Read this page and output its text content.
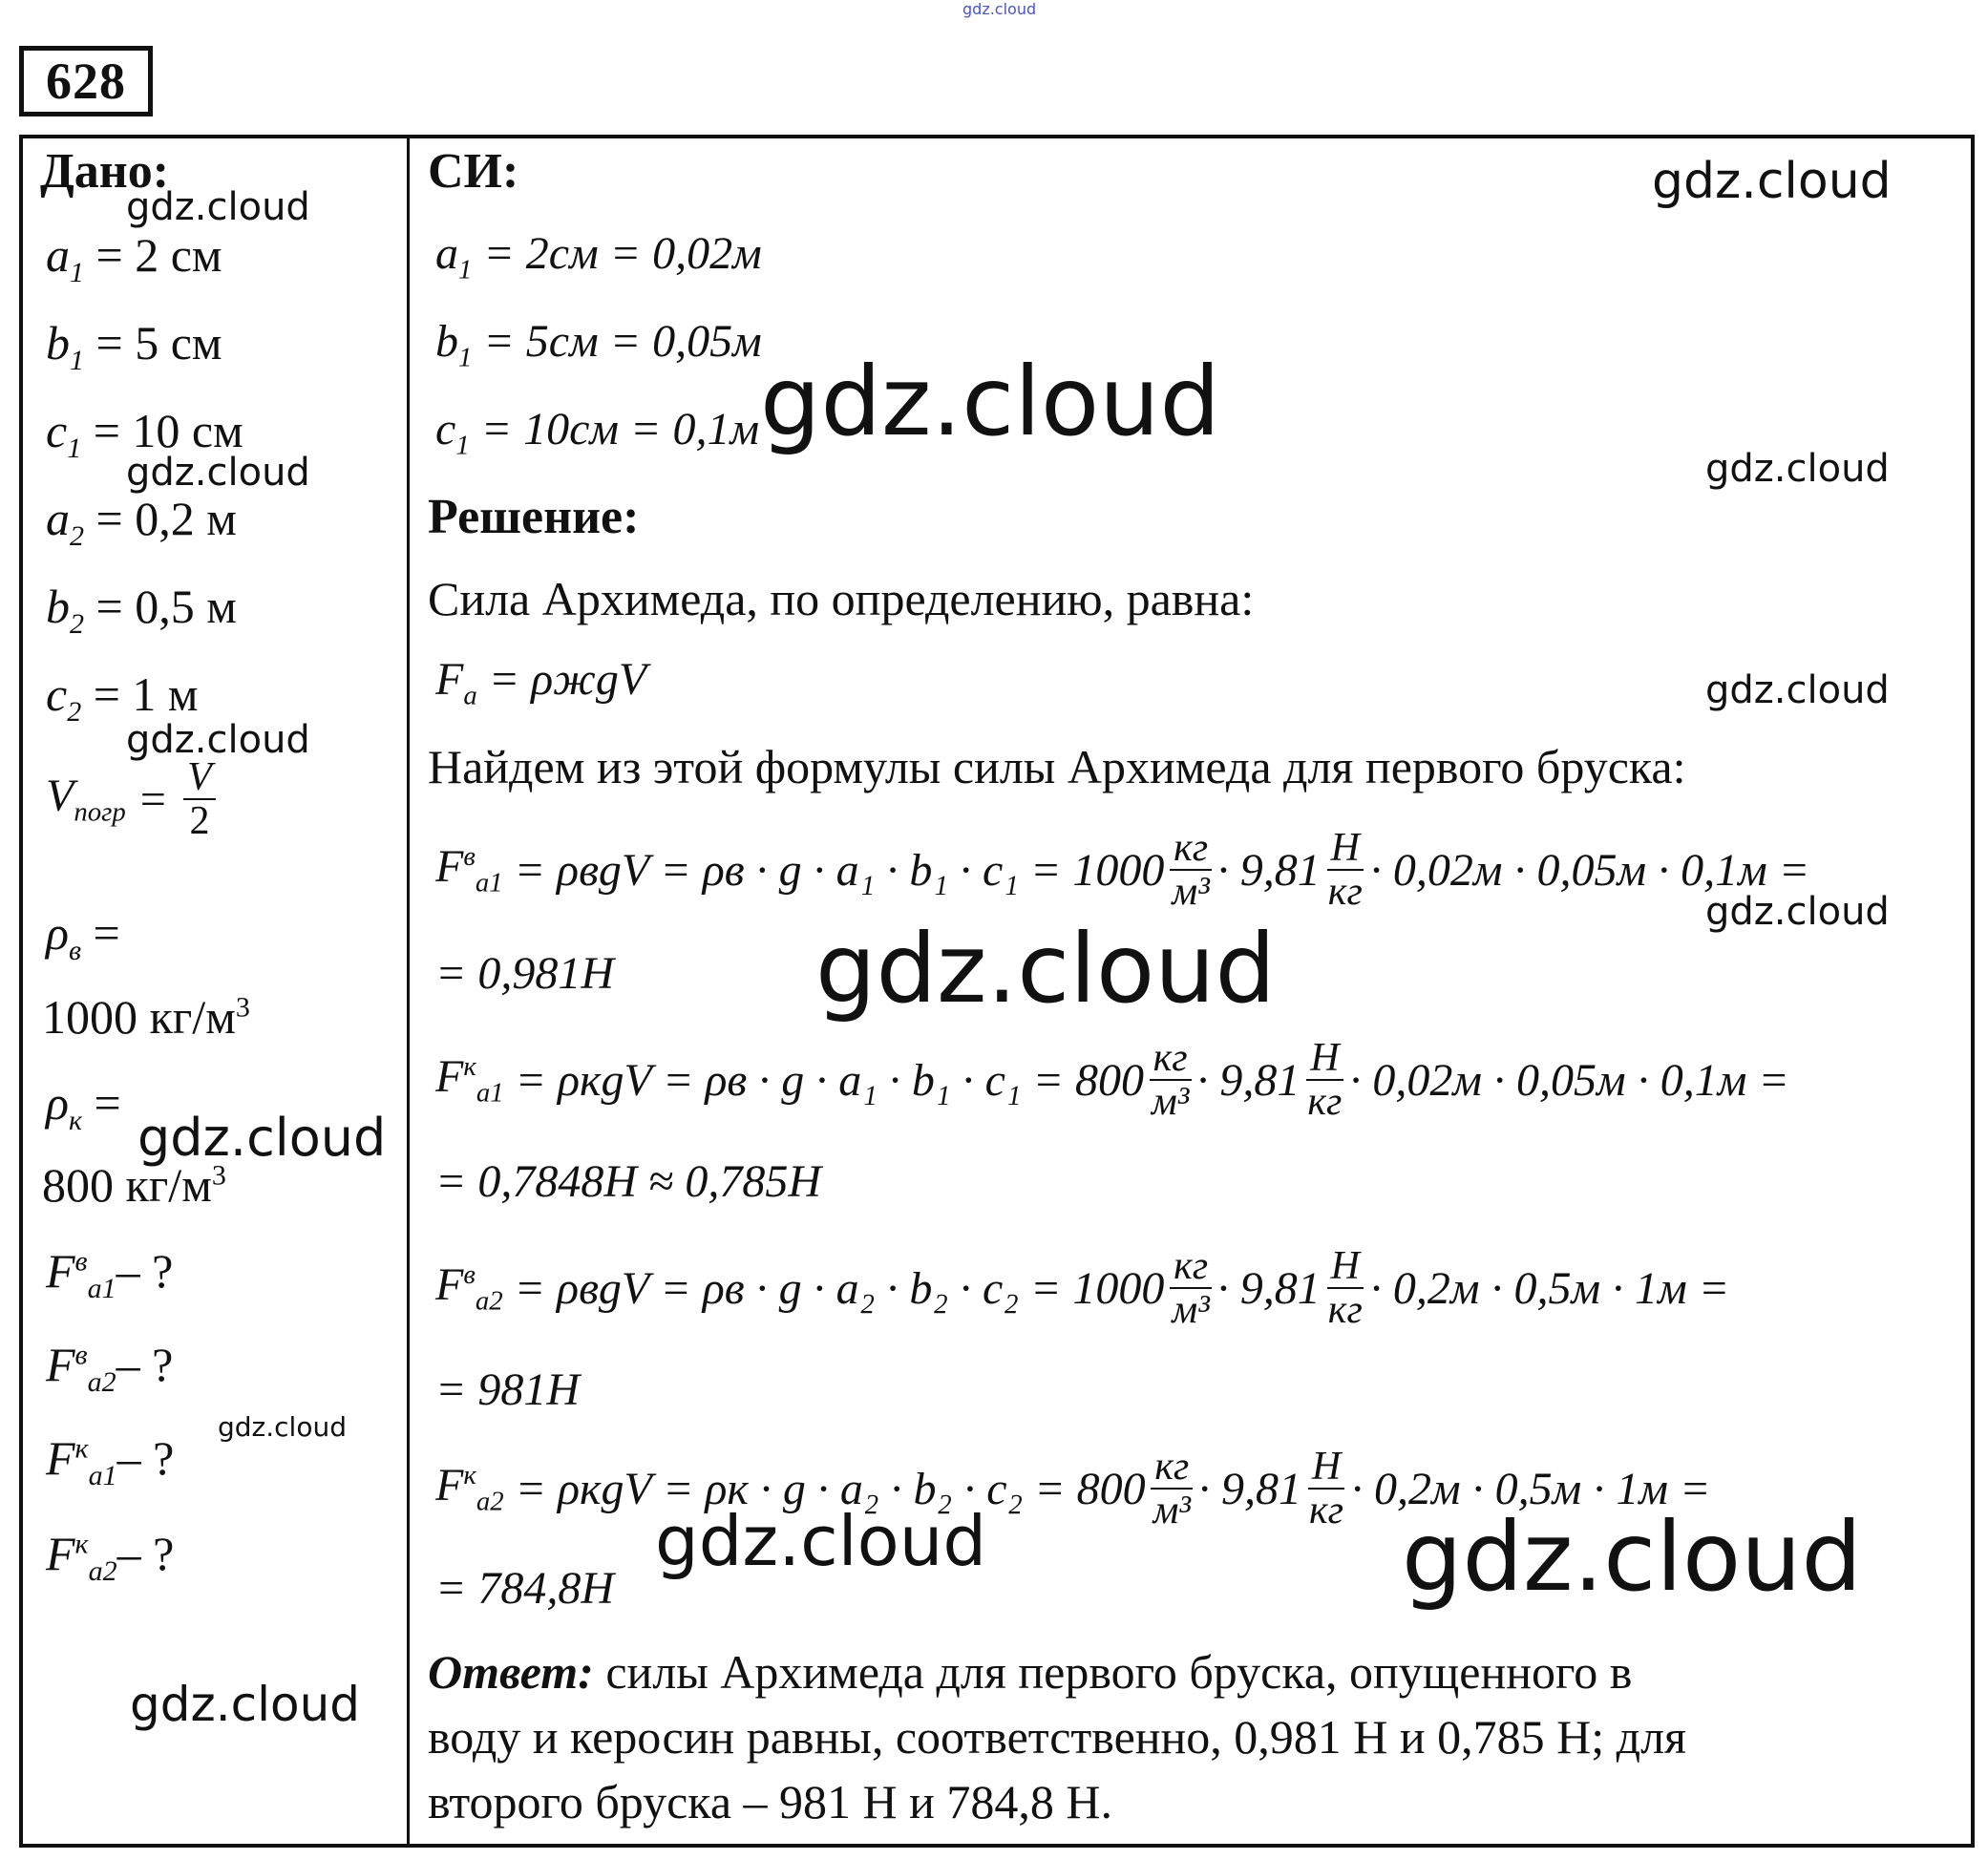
gdz.cloud
628
Дано:
$a_1 = 2$ см
$b_1 = 5$ см
$c_1 = 10$ см
$a_2 = 0,2$ м
$b_2 = 0,5$ м
$c_2 = 1$ м
$V_{погр} = \frac{V}{2}$
$\rho_в$ =
1000 $кг/м^3$
$\rho_к$ =
800 $кг/м^3$
$F^в_{a1}-$ ?
$F^в_{a2}-$ ?
$F^к_{a1}-$ ?
$F^к_{a2}-$ ?
СИ:
$a_1 = 2см = 0,02м$
$b_1 = 5см = 0,05м$
$c_1 = 10см = 0,1м$
Решение:
Сила Архимеда, по определению, равна:
$F_a = \rho жgV$
Найдем из этой формулы силы Архимеда для первого бруска:
$F^в_{a1}$
= $\rho вgV = \rho в \cdot g \cdot a_1 \cdot b_1 \cdot c_1 = 1000 \frac{кг}{\text{м³}} \cdot 9,81 \frac{H}{кг} \cdot 0,02м \cdot 0,05м \cdot 0,1м$ =
= 0,981H
$F^к_{a1}$
= $\rho кgV = \rho в \cdot g \cdot a_1 \cdot b_1 \cdot c_1 = 800 \frac{кг}{\text{м³}} \cdot 9,81 \frac{H}{кг} \cdot 0,02м \cdot 0,05м \cdot 0,1м$ =
= 0,7848H ≈ 0,785H
$F^в_{a2}$
= $\rho вgV = \rho в \cdot g \cdot a_2 \cdot b_2 \cdot c_2 = 1000 \frac{кг}{\text{м³}} \cdot 9,81 \frac{H}{кг} \cdot 0,2м \cdot 0,5м \cdot 1м$ =
= 981H
$F^к_{a2}$
= $\rho кgV = \rho к \cdot g \cdot a_2 \cdot b_2 \cdot c_2 = 800 \frac{кг}{\text{м³}} \cdot 9,81 \frac{H}{кг} \cdot 0,2м \cdot 0,5м \cdot 1м$ =
= 784,8H
Ответ: силы Архимеда для первого бруска, опущенного в
воду и керосин равны, соответственно, 0,981 Н и 0,785 Н; для
второго бруска – 981 Н и 784,8 Н.
gdz.cloud
gdz.cloud
gdz.cloud
gdz.cloud
gdz.cloud
gdz.cloud
gdz.cloud
gdz.cloud
gdz.cloud
gdz.cloud
gdz.cloud
gdz.cloud
gdz.cloud	gdz.cloud
